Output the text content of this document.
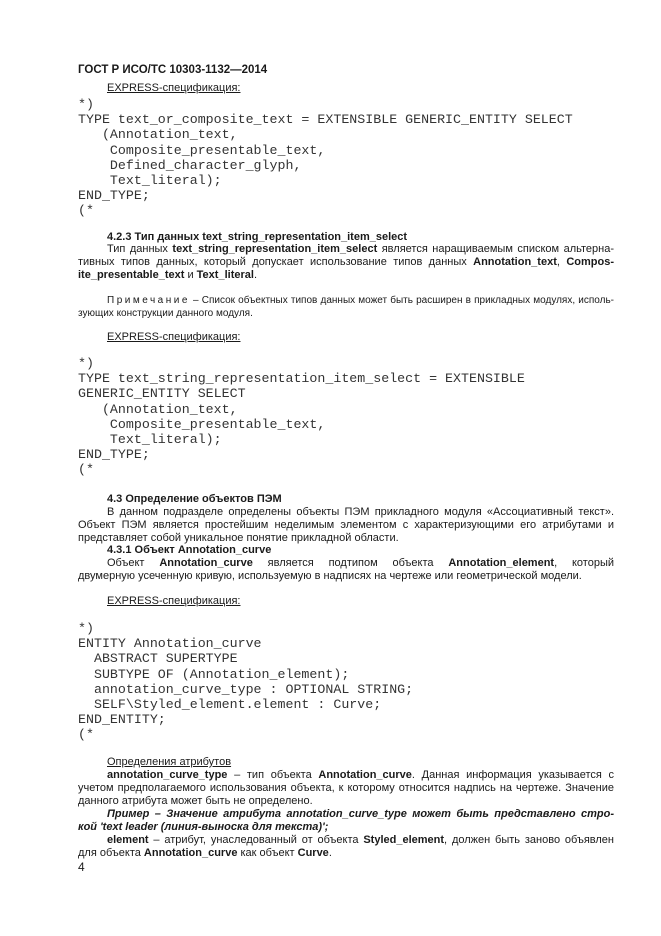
ГОСТ Р ИСО/ТС 10303-1132—2014
*)
TYPE text_or_composite_text = EXTENSIBLE GENERIC_ENTITY SELECT
(Annotation_text,
Composite_presentable_text,
Defined_character_glyph,
Text_literal);
END_TYPE;
(*
*)
TYPE text_string_representation_item_select = EXTENSIBLE
GENERIC_ENTITY SELECT
(Annotation_text,
Composite_presentable_text,
Text_literal);
END_TYPE;
(*
*)
ENTITY Annotation_curve
ABSTRACT SUPERTYPE
SUBTYPE OF (Annotation_element);
annotation_curve_type : OPTIONAL STRING;
SELF\Styled_element.element : Curve;
END_ENTITY;
(*
EXPRESS-спецификация:
4.2.3 Тип данных text_string_representation_item_select
Тип данных text_string_representation_item_select является наращиваемым списком альтерна-
тивных типов данных, который допускает использование типов данных Annotation_text, Compos-
ite_presentable_text и Text_literal.
Примечание – Список объектных типов данных может быть расширен в прикладных модулях, исполь-
зующих конструкции данного модуля.
EXPRESS-спецификация:
4.3 Определение объектов ПЭМ
В данном подразделе определены объекты ПЭМ прикладного модуля «Ассоциативный текст».
Объект ПЭМ является простейшим неделимым элементом с характеризующими его атрибутами и
представляет собой уникальное понятие прикладной области.
4.3.1 Объект Annotation_curve
Объект Annotation_curve является подтипом объекта Annotation_element, который
двумерную усеченную кривую, используемую в надписях на чертеже или геометрической модели.
EXPRESS-спецификация:
Определения атрибутов
annotation_curve_type – тип объекта Annotation_curve. Данная информация указывается с
учетом предполагаемого использования объекта, к которому относится надпись на чертеже. Значение
данного атрибута может быть не определено.
Пример – Значение атрибута annotation_curve_type может быть представлено стро-
кой 'text leader (линия-выноска для текста)';
element – атрибут, унаследованный от объекта Styled_element, должен быть заново объявлен
для объекта Annotation_curve как объект Curve.
4
